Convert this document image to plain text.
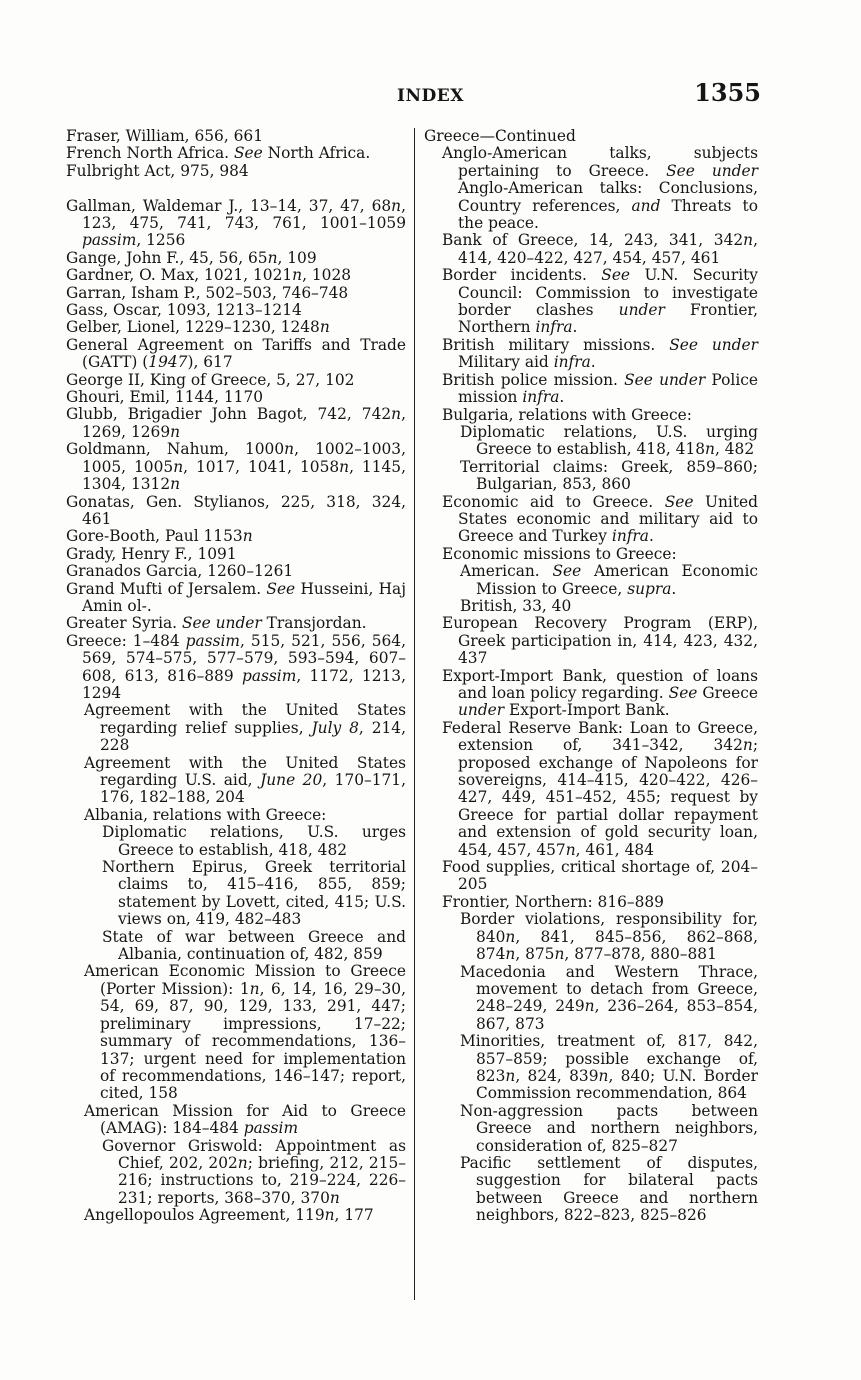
INDEX	1355
Fraser, William, 656, 661
French North Africa. See North Africa.
Fulbright Act, 975, 984
Gallman, Waldemar J., 13–14, 37, 47, 68n, 123, 475, 741, 743, 761, 1001–1059 passim, 1256
Gange, John F., 45, 56, 65n, 109
Gardner, O. Max, 1021, 1021n, 1028
Garran, Isham P., 502–503, 746–748
Gass, Oscar, 1093, 1213–1214
Gelber, Lionel, 1229–1230, 1248n
General Agreement on Tariffs and Trade (GATT) (1947), 617
George II, King of Greece, 5, 27, 102
Ghouri, Emil, 1144, 1170
Glubb, Brigadier John Bagot, 742, 742n, 1269, 1269n
Goldmann, Nahum, 1000n, 1002–1003, 1005, 1005n, 1017, 1041, 1058n, 1145, 1304, 1312n
Gonatas, Gen. Stylianos, 225, 318, 324, 461
Gore-Booth, Paul 1153n
Grady, Henry F., 1091
Granados Garcia, 1260–1261
Grand Mufti of Jersalem. See Husseini, Haj Amin ol-.
Greater Syria. See under Transjordan.
Greece: 1–484 passim, 515, 521, 556, 564, 569, 574–575, 577–579, 593–594, 607–608, 613, 816–889 passim, 1172, 1213, 1294
Agreement with the United States regarding relief supplies, July 8, 214, 228
Agreement with the United States regarding U.S. aid, June 20, 170–171, 176, 182–188, 204
Albania, relations with Greece:
Diplomatic relations, U.S. urges Greece to establish, 418, 482
Northern Epirus, Greek territorial claims to, 415–416, 855, 859; statement by Lovett, cited, 415; U.S. views on, 419, 482–483
State of war between Greece and Albania, continuation of, 482, 859
American Economic Mission to Greece (Porter Mission): 1n, 6, 14, 16, 29–30, 54, 69, 87, 90, 129, 133, 291, 447; preliminary impressions, 17–22; summary of recommendations, 136–137; urgent need for implementation of recommendations, 146–147; report, cited, 158
American Mission for Aid to Greece (AMAG): 184–484 passim
Governor Griswold: Appointment as Chief, 202, 202n; briefing, 212, 215–216; instructions to, 219–224, 226–231; reports, 368–370, 370n
Angellopoulos Agreement, 119n, 177
Greece—Continued
Anglo-American talks, subjects pertaining to Greece. See under Anglo-American talks: Conclusions, Country references, and Threats to the peace.
Bank of Greece, 14, 243, 341, 342n, 414, 420–422, 427, 454, 457, 461
Border incidents. See U.N. Security Council: Commission to investigate border clashes under Frontier, Northern infra.
British military missions. See under Military aid infra.
British police mission. See under Police mission infra.
Bulgaria, relations with Greece:
Diplomatic relations, U.S. urging Greece to establish, 418, 418n, 482
Territorial claims: Greek, 859–860; Bulgarian, 853, 860
Economic aid to Greece. See United States economic and military aid to Greece and Turkey infra.
Economic missions to Greece:
American. See American Economic Mission to Greece, supra.
British, 33, 40
European Recovery Program (ERP), Greek participation in, 414, 423, 432, 437
Export-Import Bank, question of loans and loan policy regarding. See Greece under Export-Import Bank.
Federal Reserve Bank: Loan to Greece, extension of, 341–342, 342n; proposed exchange of Napoleons for sovereigns, 414–415, 420–422, 426–427, 449, 451–452, 455; request by Greece for partial dollar repayment and extension of gold security loan, 454, 457, 457n, 461, 484
Food supplies, critical shortage of, 204–205
Frontier, Northern: 816–889
Border violations, responsibility for, 840n, 841, 845–856, 862–868, 874n, 875n, 877–878, 880–881
Macedonia and Western Thrace, movement to detach from Greece, 248–249, 249n, 236–264, 853–854, 867, 873
Minorities, treatment of, 817, 842, 857–859; possible exchange of, 823n, 824, 839n, 840; U.N. Border Commission recommendation, 864
Non-aggression pacts between Greece and northern neighbors, consideration of, 825–827
Pacific settlement of disputes, suggestion for bilateral pacts between Greece and northern neighbors, 822–823, 825–826
